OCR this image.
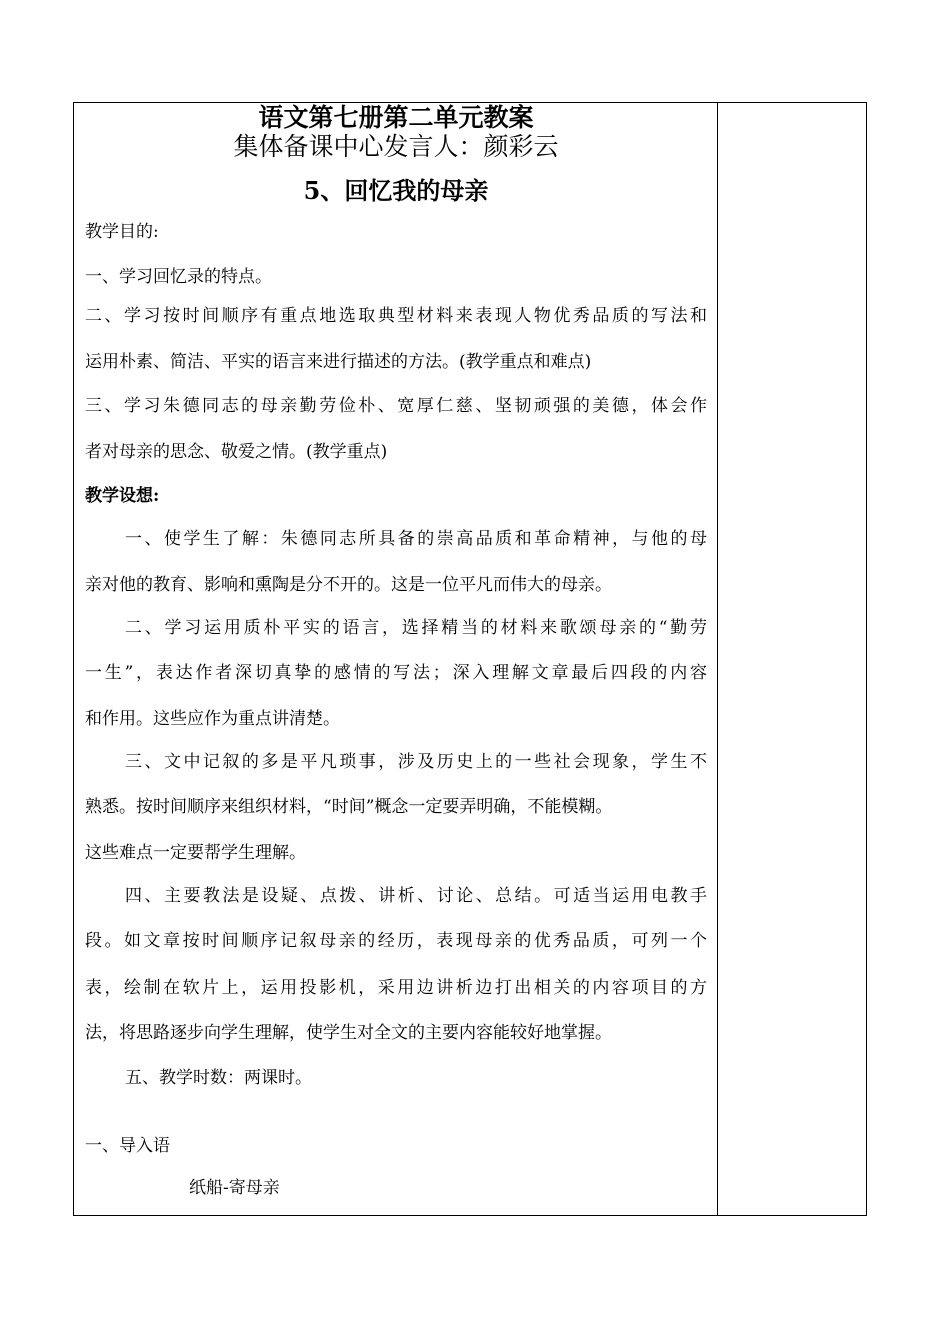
语文第七册第二单元教案
集体备课中心发言人：颜彩云
5、回忆我的母亲
教学目的:
一、学习回忆录的特点。
二、学习按时间顺序有重点地选取典型材料来表现人物优秀品质的写法和
运用朴素、简洁、平实的语言来进行描述的方法。(教学重点和难点)
三、学习朱德同志的母亲勤劳俭朴、宽厚仁慈、坚韧顽强的美德，体会作
者对母亲的思念、敬爱之情。(教学重点)
教学设想:
一、使学生了解：朱德同志所具备的崇高品质和革命精神，与他的母
亲对他的教育、影响和熏陶是分不开的。这是一位平凡而伟大的母亲。
二、学习运用质朴平实的语言，选择精当的材料来歌颂母亲的“勤劳
一生”，表达作者深切真挚的感情的写法；深入理解文章最后四段的内容
和作用。这些应作为重点讲清楚。
三、文中记叙的多是平凡琐事，涉及历史上的一些社会现象，学生不
熟悉。按时间顺序来组织材料，“时间”概念一定要弄明确，不能模糊。
这些难点一定要帮学生理解。
四、主要教法是设疑、点拨、讲析、讨论、总结。可适当运用电教手
段。如文章按时间顺序记叙母亲的经历，表现母亲的优秀品质，可列一个
表，绘制在软片上，运用投影机，采用边讲析边打出相关的内容项目的方
法，将思路逐步向学生理解，使学生对全文的主要内容能较好地掌握。
五、教学时数：两课时。
一、导入语
纸船-寄母亲
